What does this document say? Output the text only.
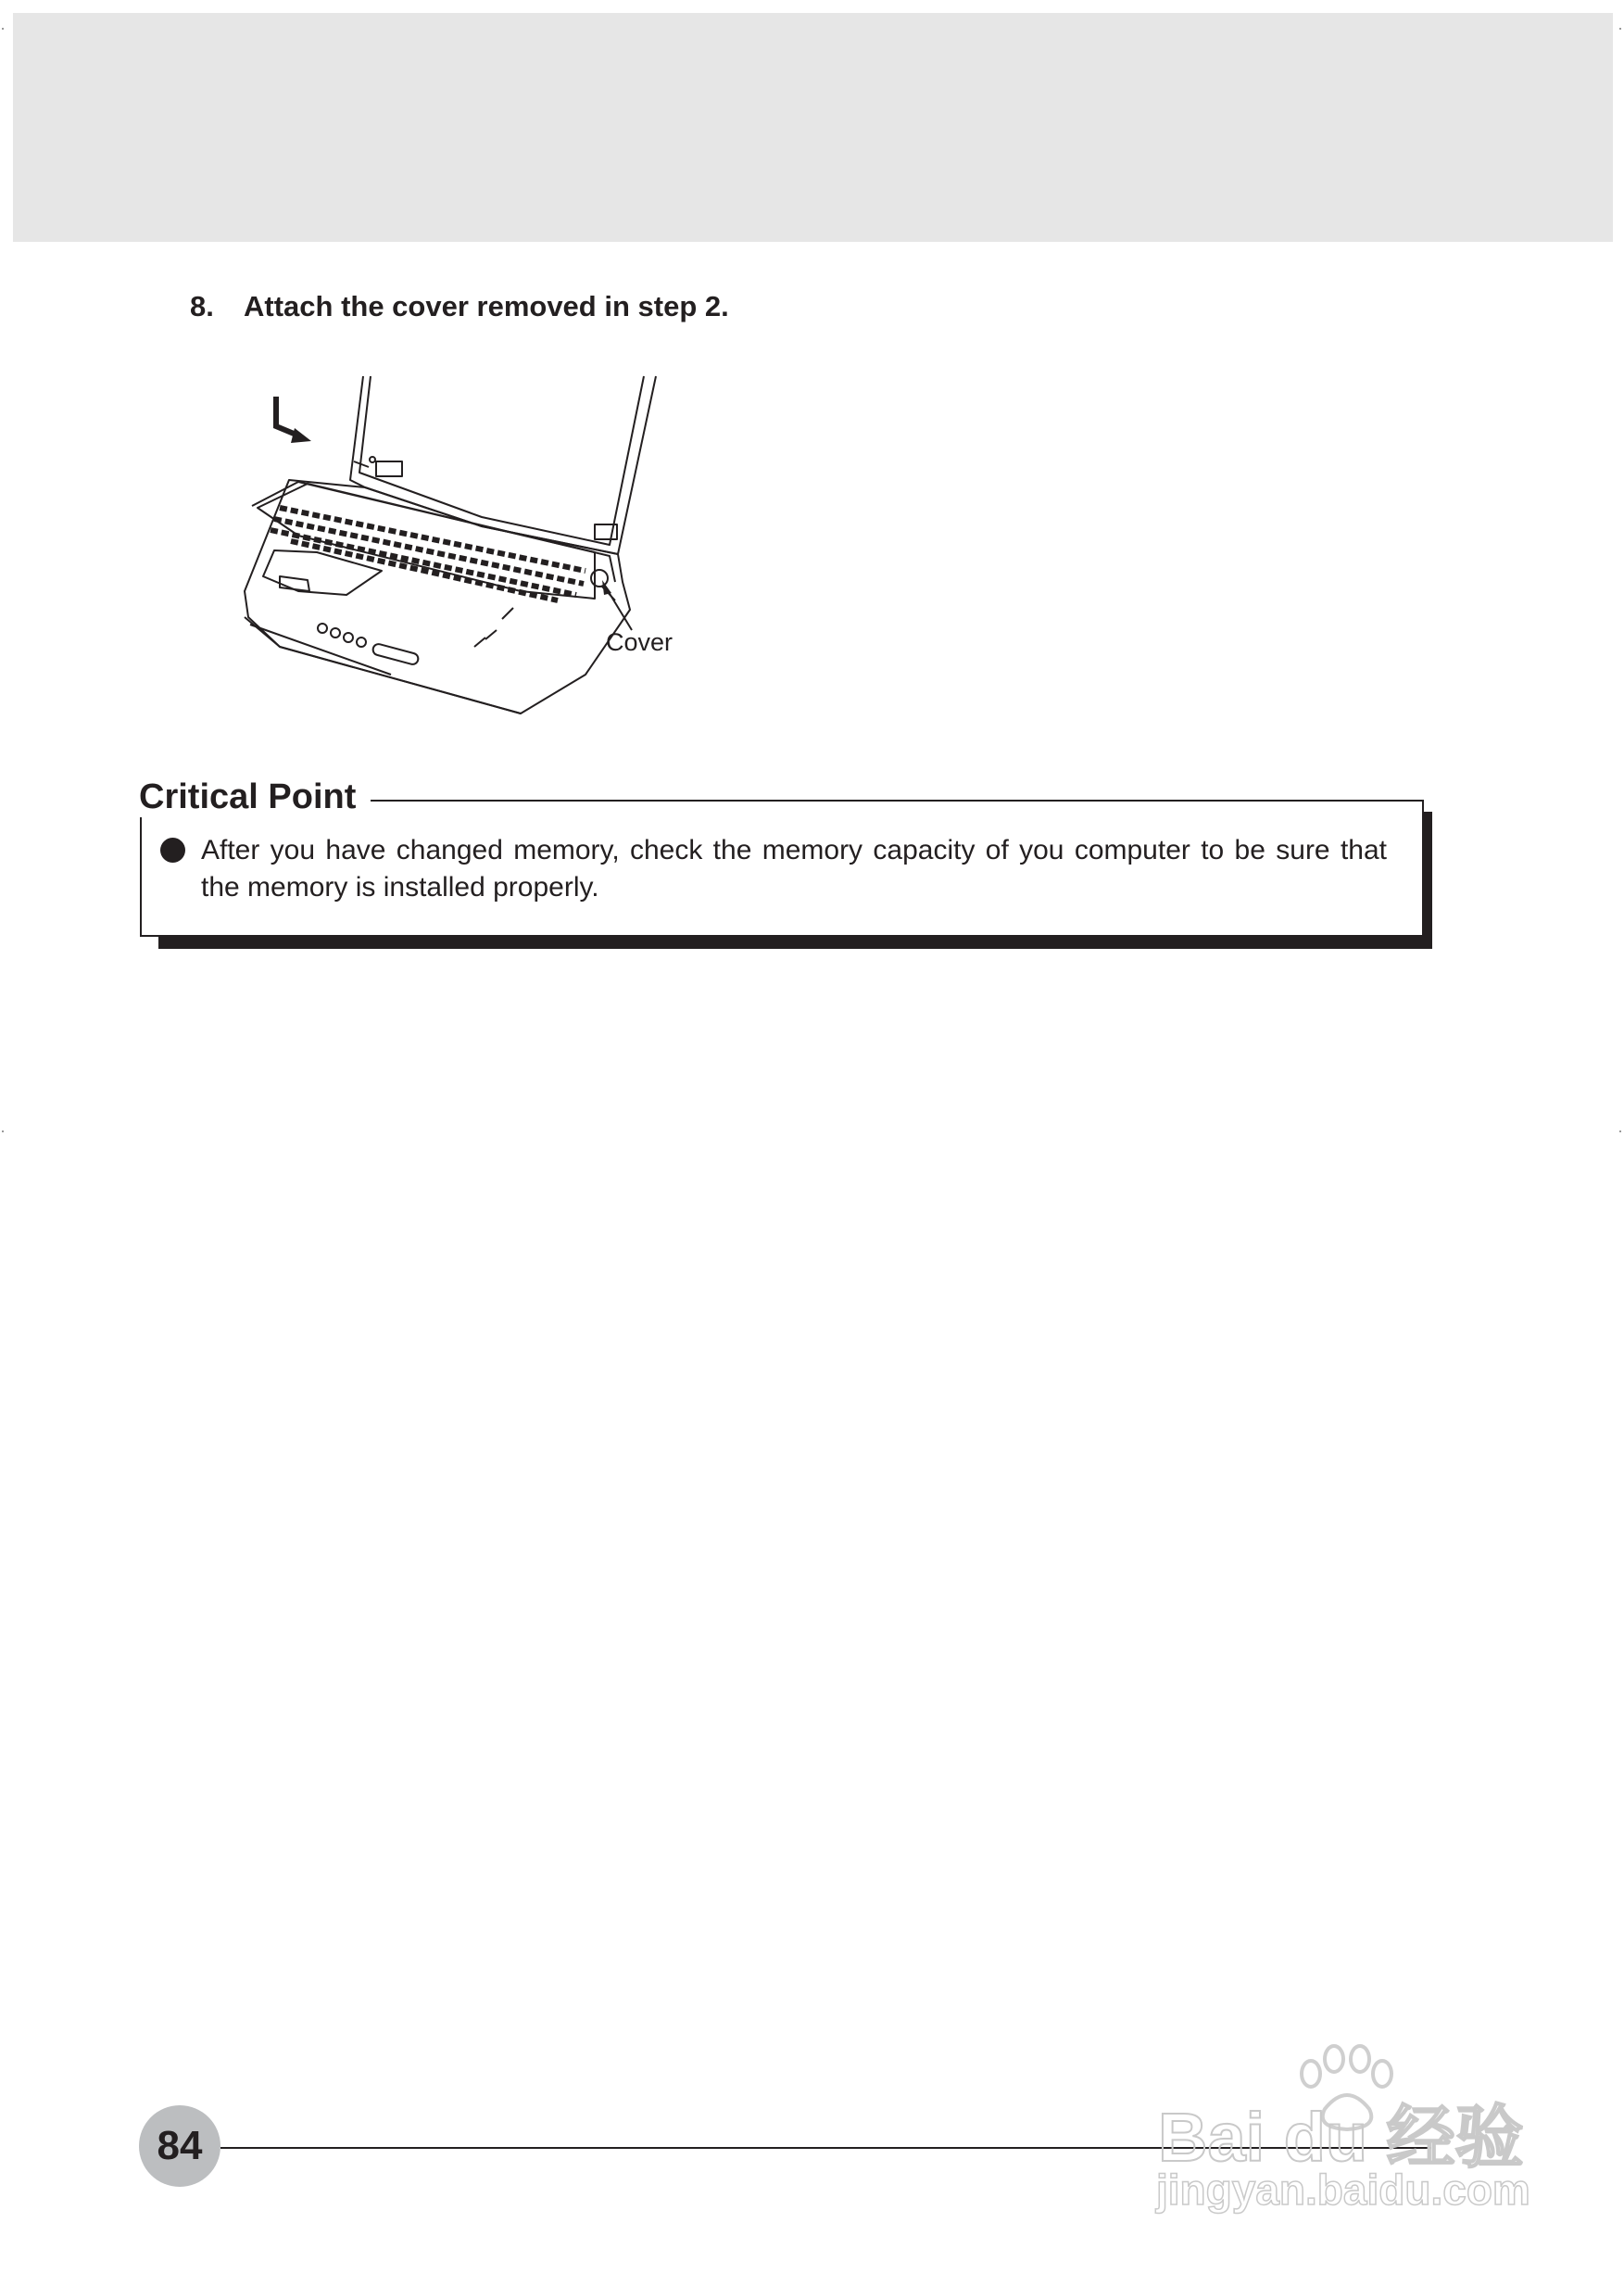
8. Attach the cover removed in step 2.
Cover
Critical Point
After you have changed memory, check the memory capacity of you computer to be sure that the memory is installed properly.
84	Bai du 经验
jingyan.baidu.com
